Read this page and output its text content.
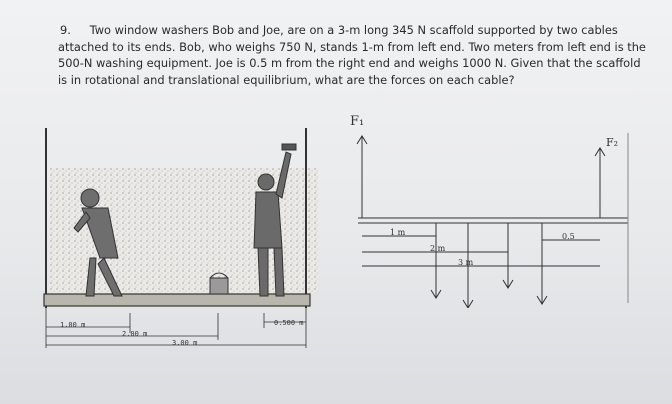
9. Two window washers Bob and Joe, are on a 3-m long 345 N scaffold supported by two cables attached to its ends. Bob, who weighs 750 N, stands 1-m from left end. Two meters from left end is the 500-N washing equipment. Joe is 0.5 m from the right end and weighs 1000 N. Given that the scaffold is in rotational and translational equilibrium, what are the forces on each cable?
1.00 m
2.00 m
3.00 m
0.500 m
F₁
F₂
1 m
2 m
3 m
0.5
